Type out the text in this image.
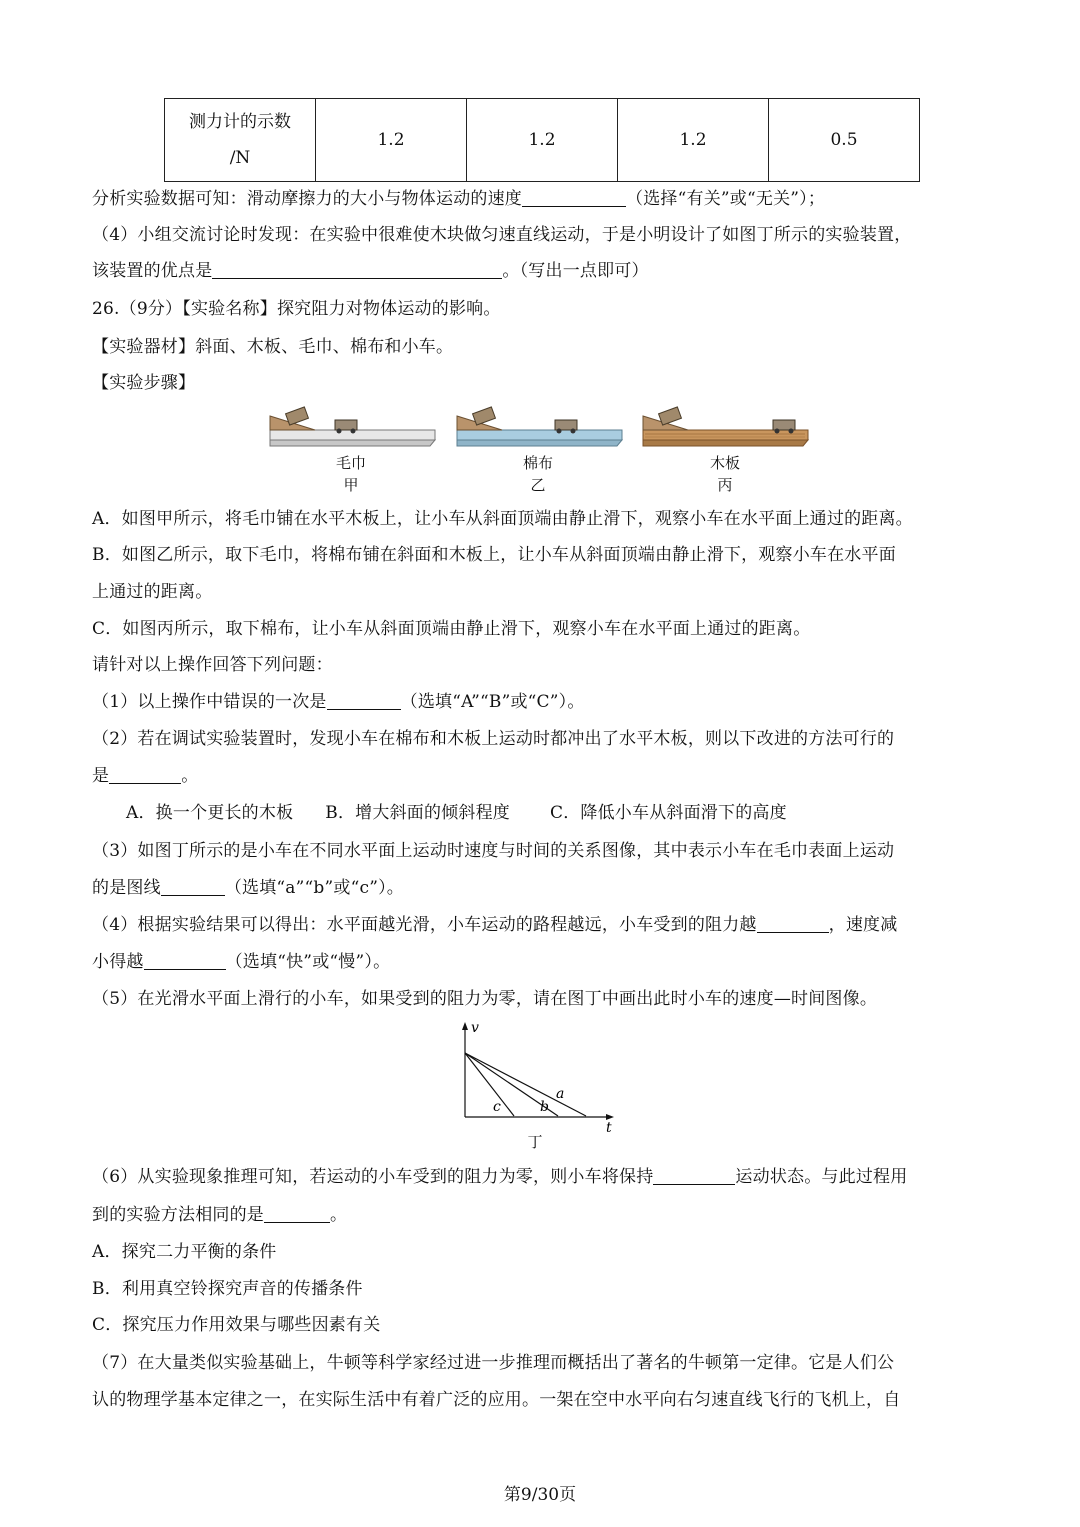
测力计的示数
/N
	1.2	1.2	1.2	0.5
分析实验数据可知：滑动摩擦力的大小与物体运动的速度	（选择“有关”或“无关”）；
（4）小组交流讨论时发现：在实验中很难使木块做匀速直线运动，于是小明设计了如图丁所示的实验装置，
该装置的优点是	。（写出一点即可）
26.（9分）【实验名称】探究阻力对物体运动的影响。
【实验器材】斜面、木板、毛巾、棉布和小车。
【实验步骤】
毛巾
甲
棉布
乙
木板
丙
A．如图甲所示，将毛巾铺在水平木板上，让小车从斜面顶端由静止滑下，观察小车在水平面上通过的距离。
B．如图乙所示，取下毛巾，将棉布铺在斜面和木板上，让小车从斜面顶端由静止滑下，观察小车在水平面
上通过的距离。
C．如图丙所示，取下棉布，让小车从斜面顶端由静止滑下，观察小车在水平面上通过的距离。
请针对以上操作回答下列问题：
（1）以上操作中错误的一次是	（选填“A”“B”或“C”）。
（2）若在调试实验装置时，发现小车在棉布和木板上运动时都冲出了水平木板，则以下改进的方法可行的
是	。
A．换一个更长的木板 B．增大斜面的倾斜程度 C．降低小车从斜面滑下的高度
（3）如图丁所示的是小车在不同水平面上运动时速度与时间的关系图像，其中表示小车在毛巾表面上运动
的是图线	（选填“a”“b”或“c”）。
（4）根据实验结果可以得出：水平面越光滑，小车运动的路程越远，小车受到的阻力越	，速度减
小得越	（选填“快”或“慢”）。
（5）在光滑水平面上滑行的小车，如果受到的阻力为零，请在图丁中画出此时小车的速度—时间图像。
v
t
a
b
c
丁
（6）从实验现象推理可知，若运动的小车受到的阻力为零，则小车将保持	运动状态。与此过程用
到的实验方法相同的是	。
A．探究二力平衡的条件
B．利用真空铃探究声音的传播条件
C．探究压力作用效果与哪些因素有关
（7）在大量类似实验基础上，牛顿等科学家经过进一步推理而概括出了著名的牛顿第一定律。它是人们公
认的物理学基本定律之一，在实际生活中有着广泛的应用。一架在空中水平向右匀速直线飞行的飞机上，自
第9/30页
